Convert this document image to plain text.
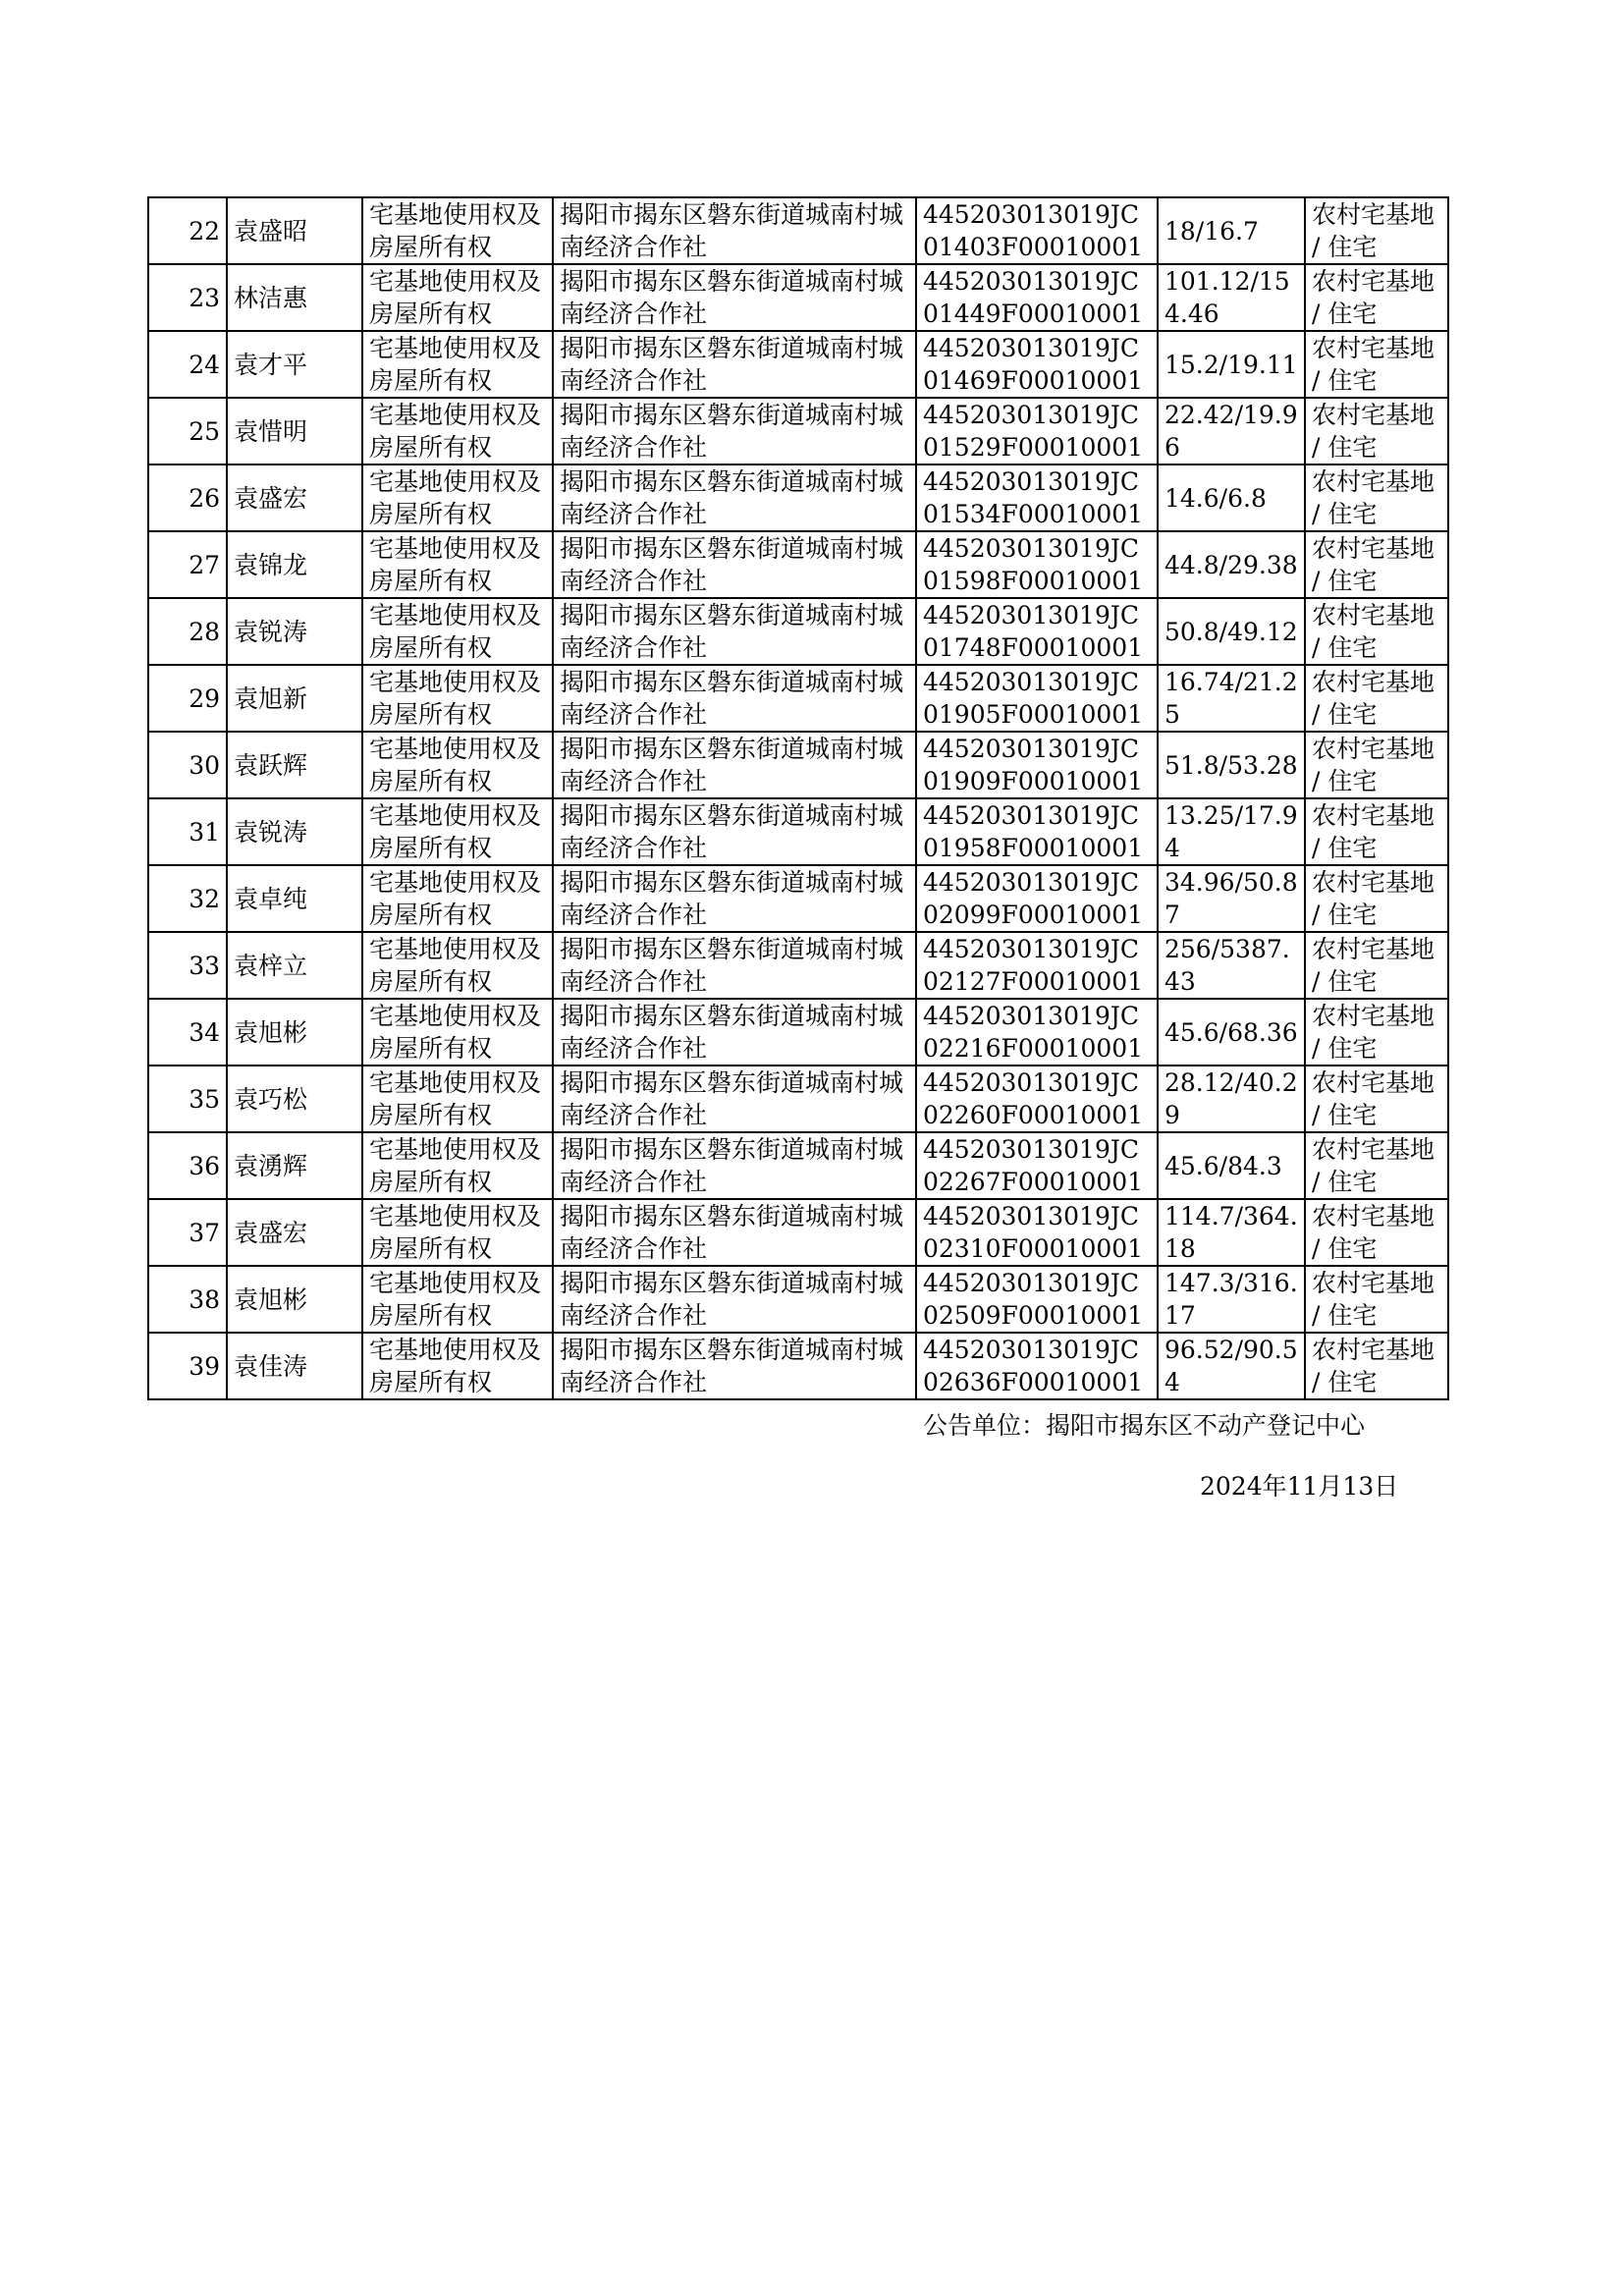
22	袁盛昭	宅基地使用权及房屋所有权	揭阳市揭东区磐东街道城南村城南经济合作社	445203013019JC01403F00010001	18/16.7	农村宅基地 / 住宅
23	林洁惠	宅基地使用权及房屋所有权	揭阳市揭东区磐东街道城南村城南经济合作社	445203013019JC01449F00010001	101.12/154.46	农村宅基地 / 住宅
24	袁才平	宅基地使用权及房屋所有权	揭阳市揭东区磐东街道城南村城南经济合作社	445203013019JC01469F00010001	15.2/19.11	农村宅基地 / 住宅
25	袁惜明	宅基地使用权及房屋所有权	揭阳市揭东区磐东街道城南村城南经济合作社	445203013019JC01529F00010001	22.42/19.96	农村宅基地 / 住宅
26	袁盛宏	宅基地使用权及房屋所有权	揭阳市揭东区磐东街道城南村城南经济合作社	445203013019JC01534F00010001	14.6/6.8	农村宅基地 / 住宅
27	袁锦龙	宅基地使用权及房屋所有权	揭阳市揭东区磐东街道城南村城南经济合作社	445203013019JC01598F00010001	44.8/29.38	农村宅基地 / 住宅
28	袁锐涛	宅基地使用权及房屋所有权	揭阳市揭东区磐东街道城南村城南经济合作社	445203013019JC01748F00010001	50.8/49.12	农村宅基地 / 住宅
29	袁旭新	宅基地使用权及房屋所有权	揭阳市揭东区磐东街道城南村城南经济合作社	445203013019JC01905F00010001	16.74/21.25	农村宅基地 / 住宅
30	袁跃辉	宅基地使用权及房屋所有权	揭阳市揭东区磐东街道城南村城南经济合作社	445203013019JC01909F00010001	51.8/53.28	农村宅基地 / 住宅
31	袁锐涛	宅基地使用权及房屋所有权	揭阳市揭东区磐东街道城南村城南经济合作社	445203013019JC01958F00010001	13.25/17.94	农村宅基地 / 住宅
32	袁卓纯	宅基地使用权及房屋所有权	揭阳市揭东区磐东街道城南村城南经济合作社	445203013019JC02099F00010001	34.96/50.87	农村宅基地 / 住宅
33	袁梓立	宅基地使用权及房屋所有权	揭阳市揭东区磐东街道城南村城南经济合作社	445203013019JC02127F00010001	256/5387.43	农村宅基地 / 住宅
34	袁旭彬	宅基地使用权及房屋所有权	揭阳市揭东区磐东街道城南村城南经济合作社	445203013019JC02216F00010001	45.6/68.36	农村宅基地 / 住宅
35	袁巧松	宅基地使用权及房屋所有权	揭阳市揭东区磐东街道城南村城南经济合作社	445203013019JC02260F00010001	28.12/40.29	农村宅基地 / 住宅
36	袁湧辉	宅基地使用权及房屋所有权	揭阳市揭东区磐东街道城南村城南经济合作社	445203013019JC02267F00010001	45.6/84.3	农村宅基地 / 住宅
37	袁盛宏	宅基地使用权及房屋所有权	揭阳市揭东区磐东街道城南村城南经济合作社	445203013019JC02310F00010001	114.7/364.18	农村宅基地 / 住宅
38	袁旭彬	宅基地使用权及房屋所有权	揭阳市揭东区磐东街道城南村城南经济合作社	445203013019JC02509F00010001	147.3/316.17	农村宅基地 / 住宅
39	袁佳涛	宅基地使用权及房屋所有权	揭阳市揭东区磐东街道城南村城南经济合作社	445203013019JC02636F00010001	96.52/90.54	农村宅基地 / 住宅
公告单位：揭阳市揭东区不动产登记中心
2024年11月13日
